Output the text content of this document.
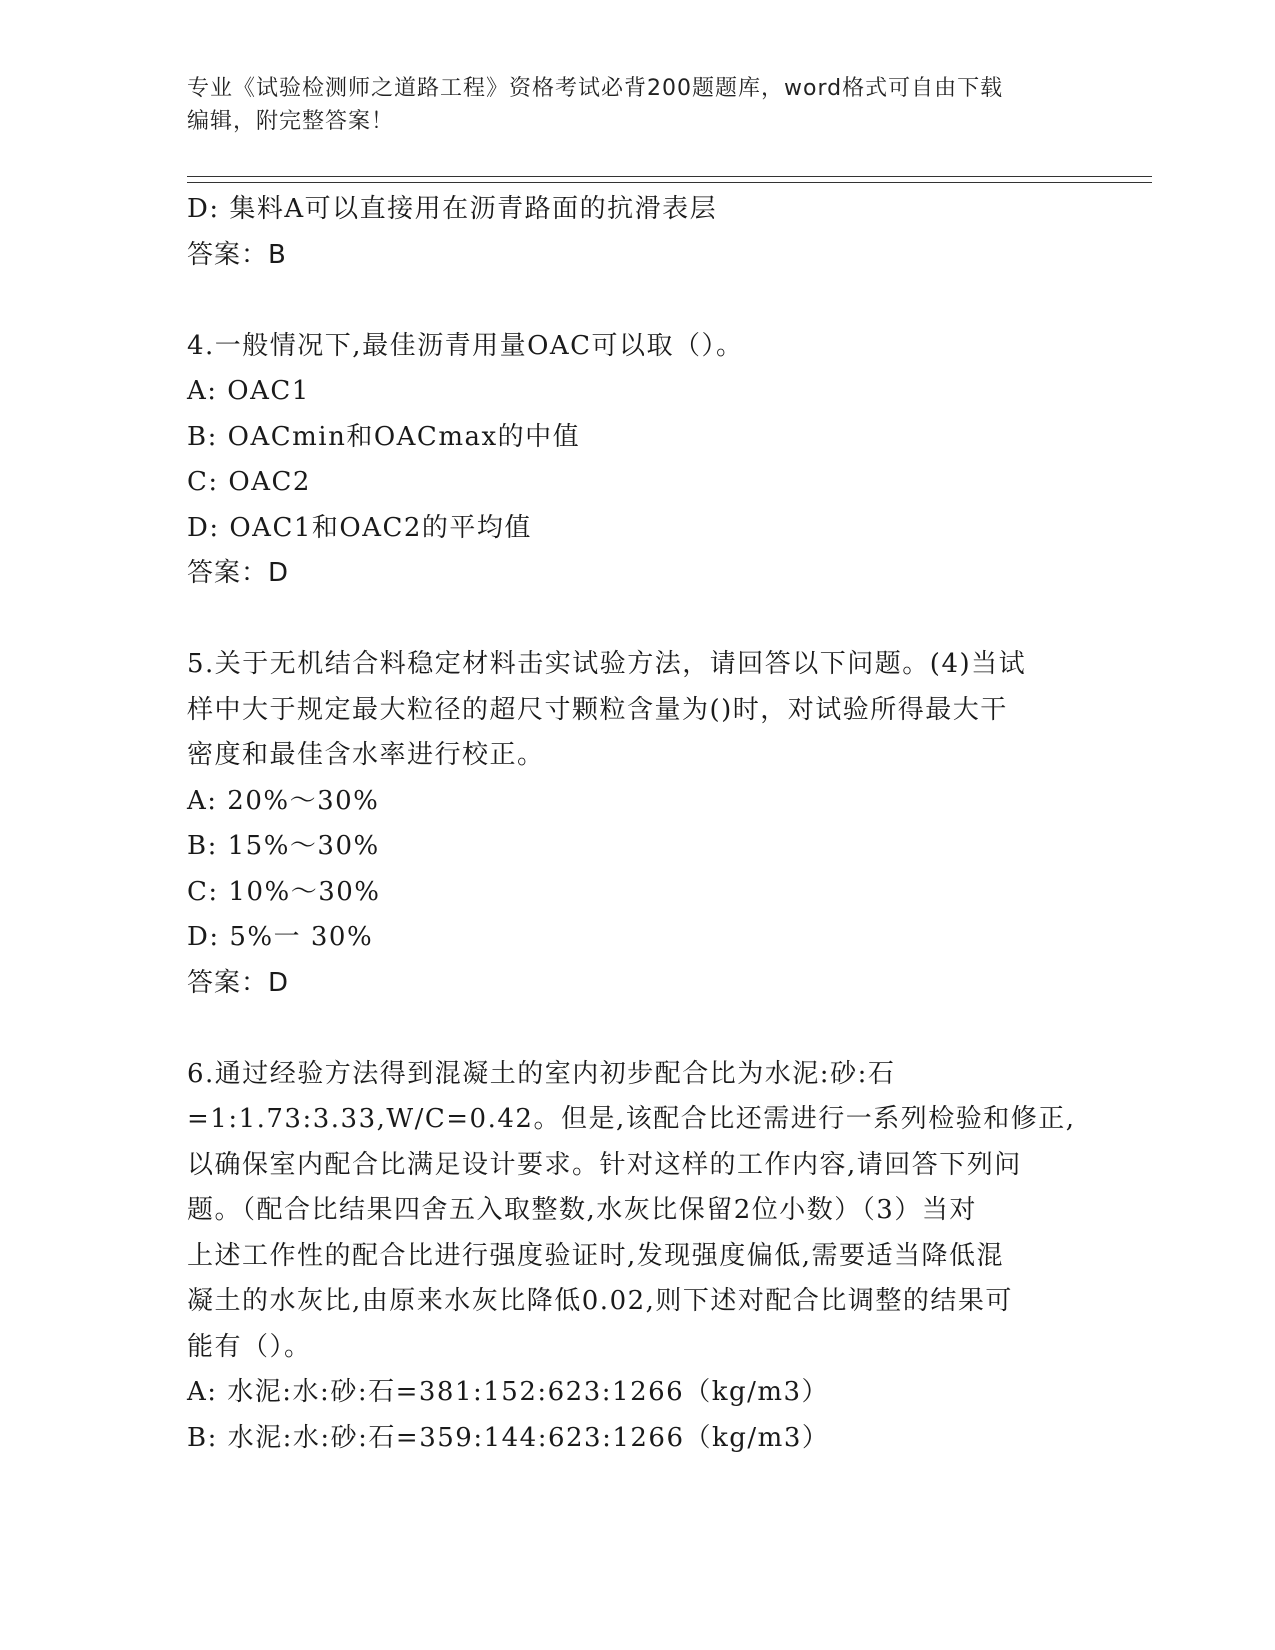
专业《试验检测师之道路工程》资格考试必背200题题库，word格式可自由下载
编辑，附完整答案！
D: 集料A可以直接用在沥青路面的抗滑表层
答案：B
4.一般情况下,最佳沥青用量OAC可以取（）。
A: OAC1
B: OACmin和OACmax的中值
C: OAC2
D: OAC1和OAC2的平均值
答案：D
5.关于无机结合料稳定材料击实试验方法，请回答以下问题。(4)当试
样中大于规定最大粒径的超尺寸颗粒含量为()时，对试验所得最大干
密度和最佳含水率进行校正。
A: 20%～30%
B: 15%～30%
C: 10%～30%
D: 5%一 30%
答案：D
6.通过经验方法得到混凝土的室内初步配合比为水泥:砂:石
=1:1.73:3.33,W/C=0.42。但是,该配合比还需进行一系列检验和修正,
以确保室内配合比满足设计要求。针对这样的工作内容,请回答下列问
题。（配合比结果四舍五入取整数,水灰比保留2位小数）（3）当对
上述工作性的配合比进行强度验证时,发现强度偏低,需要适当降低混
凝土的水灰比,由原来水灰比降低0.02,则下述对配合比调整的结果可
能有（）。
A: 水泥:水:砂:石=381:152:623:1266（kg/m3）
B: 水泥:水:砂:石=359:144:623:1266（kg/m3）
